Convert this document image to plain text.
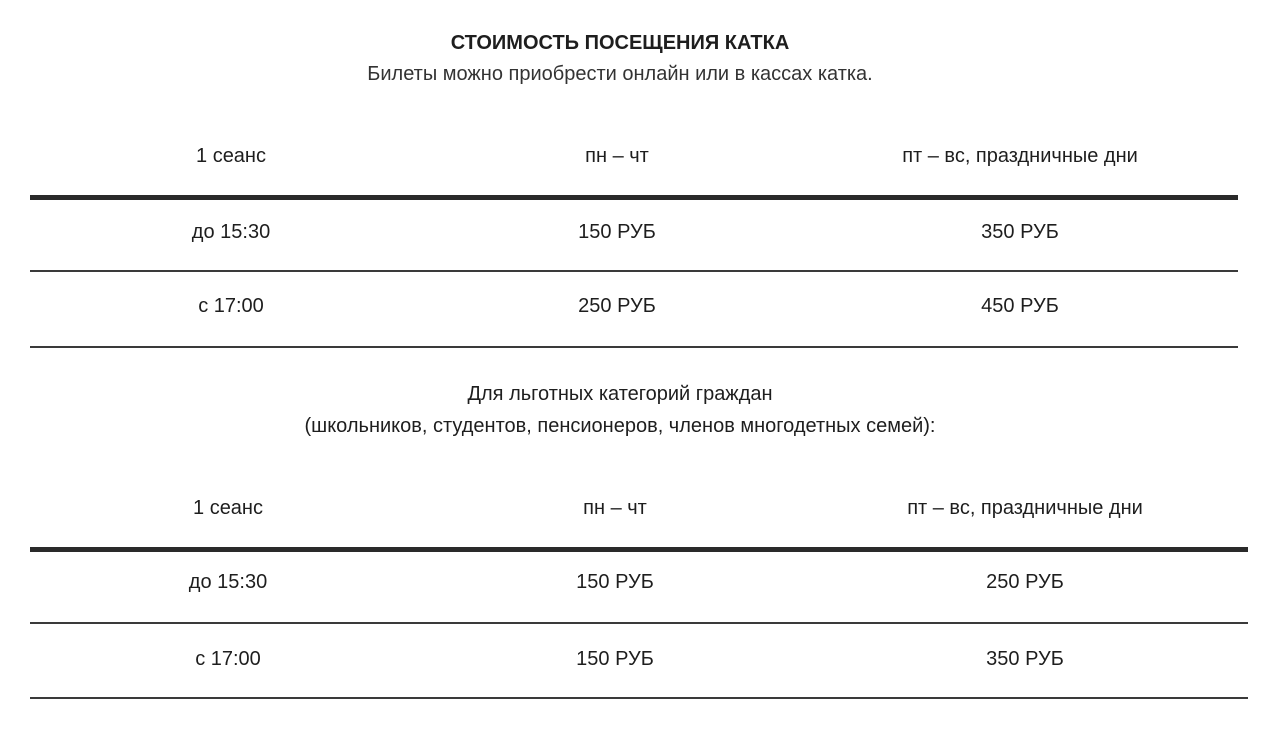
СТОИМОСТЬ ПОСЕЩЕНИЯ КАТКА
Билеты можно приобрести онлайн или в кассах катка.
1 сеанс	пн – чт	пт – вс, праздничные дни
до 15:30	150 РУБ	350 РУБ
с 17:00	250 РУБ	450 РУБ
Для льготных категорий граждан
(школьников, студентов, пенсионеров, членов многодетных семей):
1 сеанс	пн – чт	пт – вс, праздничные дни
до 15:30	150 РУБ	250 РУБ
с 17:00	150 РУБ	350 РУБ
